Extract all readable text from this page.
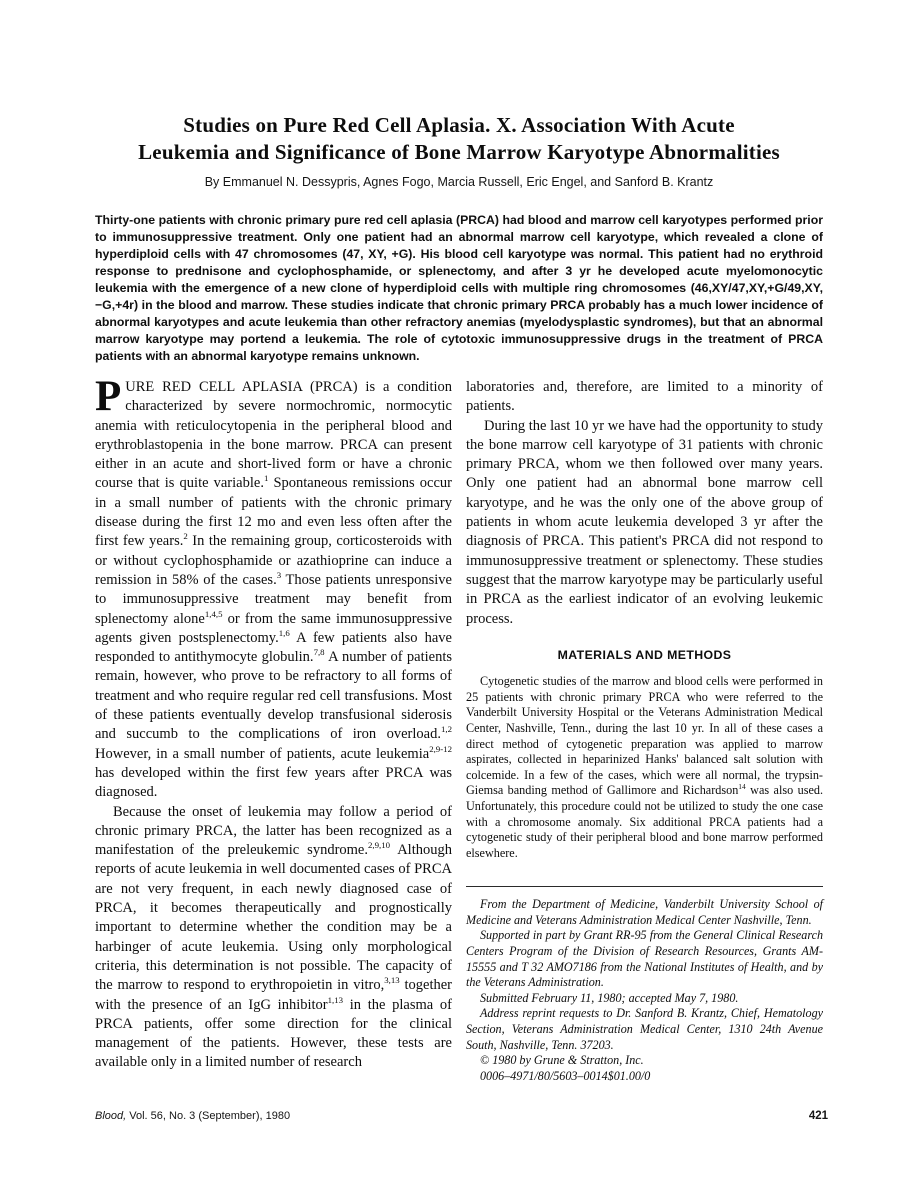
Studies on Pure Red Cell Aplasia. X. Association With Acute
Leukemia and Significance of Bone Marrow Karyotype Abnormalities
By Emmanuel N. Dessypris, Agnes Fogo, Marcia Russell, Eric Engel, and Sanford B. Krantz
Thirty-one patients with chronic primary pure red cell aplasia (PRCA) had blood and marrow cell karyotypes performed prior to immunosuppressive treatment. Only one patient had an abnormal marrow cell karyotype, which revealed a clone of hyperdiploid cells with 47 chromosomes (47, XY, +G). His blood cell karyotype was normal. This patient had no erythroid response to prednisone and cyclophosphamide, or splenectomy, and after 3 yr he developed acute myelomonocytic leukemia with the emergence of a new clone of hyperdiploid cells with multiple ring chromosomes (46,XY/47,XY,+G/49,XY,−G,+4r) in the blood and marrow. These studies indicate that chronic primary PRCA probably has a much lower incidence of abnormal karyotypes and acute leukemia than other refractory anemias (myelodysplastic syndromes), but that an abnormal marrow karyotype may portend a leukemia. The role of cytotoxic immunosuppressive drugs in the treatment of PRCA patients with an abnormal karyotype remains unknown.

PURE RED CELL APLASIA (PRCA) is a condition characterized by severe normochromic, normocytic anemia with reticulocytopenia in the peripheral blood and erythroblastopenia in the bone marrow. PRCA can present either in an acute and short-lived form or have a chronic course that is quite variable.$^1$ Spontaneous remissions occur in a small number of patients with the chronic primary disease during the first 12 mo and even less often after the first few years.$^2$ In the remaining group, corticosteroids with or without cyclophosphamide or azathioprine can induce a remission in 58% of the cases.$^3$ Those patients unresponsive to immunosuppressive treatment may benefit from splenectomy alone$^{1,4,5}$ or from the same immunosuppressive agents given postsplenectomy.$^{1,6}$ A few patients also have responded to antithymocyte globulin.$^{7,8}$ A number of patients remain, however, who prove to be refractory to all forms of treatment and who require regular red cell transfusions. Most of these patients eventually develop transfusional siderosis and succumb to the complications of iron overload.$^{1,2}$ However, in a small number of patients, acute leukemia$^{2,9-12}$ has developed within the first few years after PRCA was diagnosed.

Because the onset of leukemia may follow a period of chronic primary PRCA, the latter has been recognized as a manifestation of the preleukemic syndrome.$^{2,9,10}$ Although reports of acute leukemia in well documented cases of PRCA are not very frequent, in each newly diagnosed case of PRCA, it becomes therapeutically and prognostically important to determine whether the condition may be a harbinger of acute leukemia. Using only morphological criteria, this determination is not possible. The capacity of the marrow to respond to erythropoietin in vitro,$^{3,13}$ together with the presence of an IgG inhibitor$^{1,13}$ in the plasma of PRCA patients, offer some direction for the clinical management of the patients. However, these tests are available only in a limited number of research

laboratories and, therefore, are limited to a minority of patients.

During the last 10 yr we have had the opportunity to study the bone marrow cell karyotype of 31 patients with chronic primary PRCA, whom we then followed over many years. Only one patient had an abnormal bone marrow cell karyotype, and he was the only one of the above group of patients in whom acute leukemia developed 3 yr after the diagnosis of PRCA. This patient's PRCA did not respond to immunosuppressive treatment or splenectomy. These studies suggest that the marrow karyotype may be particularly useful in PRCA as the earliest indicator of an evolving leukemic process.

MATERIALS AND METHODS

Cytogenetic studies of the marrow and blood cells were performed in 25 patients with chronic primary PRCA who were referred to the Vanderbilt University Hospital or the Veterans Administration Medical Center, Nashville, Tenn., during the last 10 yr. In all of these cases a direct method of cytogenetic preparation was applied to marrow aspirates, collected in heparinized Hanks' balanced salt solution with colcemide. In a few of the cases, which were all normal, the trypsin-Giemsa banding method of Gallimore and Richardson$^{14}$ was also used. Unfortunately, this procedure could not be utilized to study the one case with a chromosome anomaly. Six additional PRCA patients had a cytogenetic study of their peripheral blood and bone marrow performed elsewhere.

From the Department of Medicine, Vanderbilt University School of Medicine and Veterans Administration Medical Center Nashville, Tenn.

Supported in part by Grant RR-95 from the General Clinical Research Centers Program of the Division of Research Resources, Grants AM-15555 and T 32 AMO7186 from the National Institutes of Health, and by the Veterans Administration.

Submitted February 11, 1980; accepted May 7, 1980.

Address reprint requests to Dr. Sanford B. Krantz, Chief, Hematology Section, Veterans Administration Medical Center, 1310 24th Avenue South, Nashville, Tenn. 37203.

© 1980 by Grune & Stratton, Inc.

0006–4971/80/5603–0014$01.00/0

Blood, Vol. 56, No. 3 (September), 1980	421
